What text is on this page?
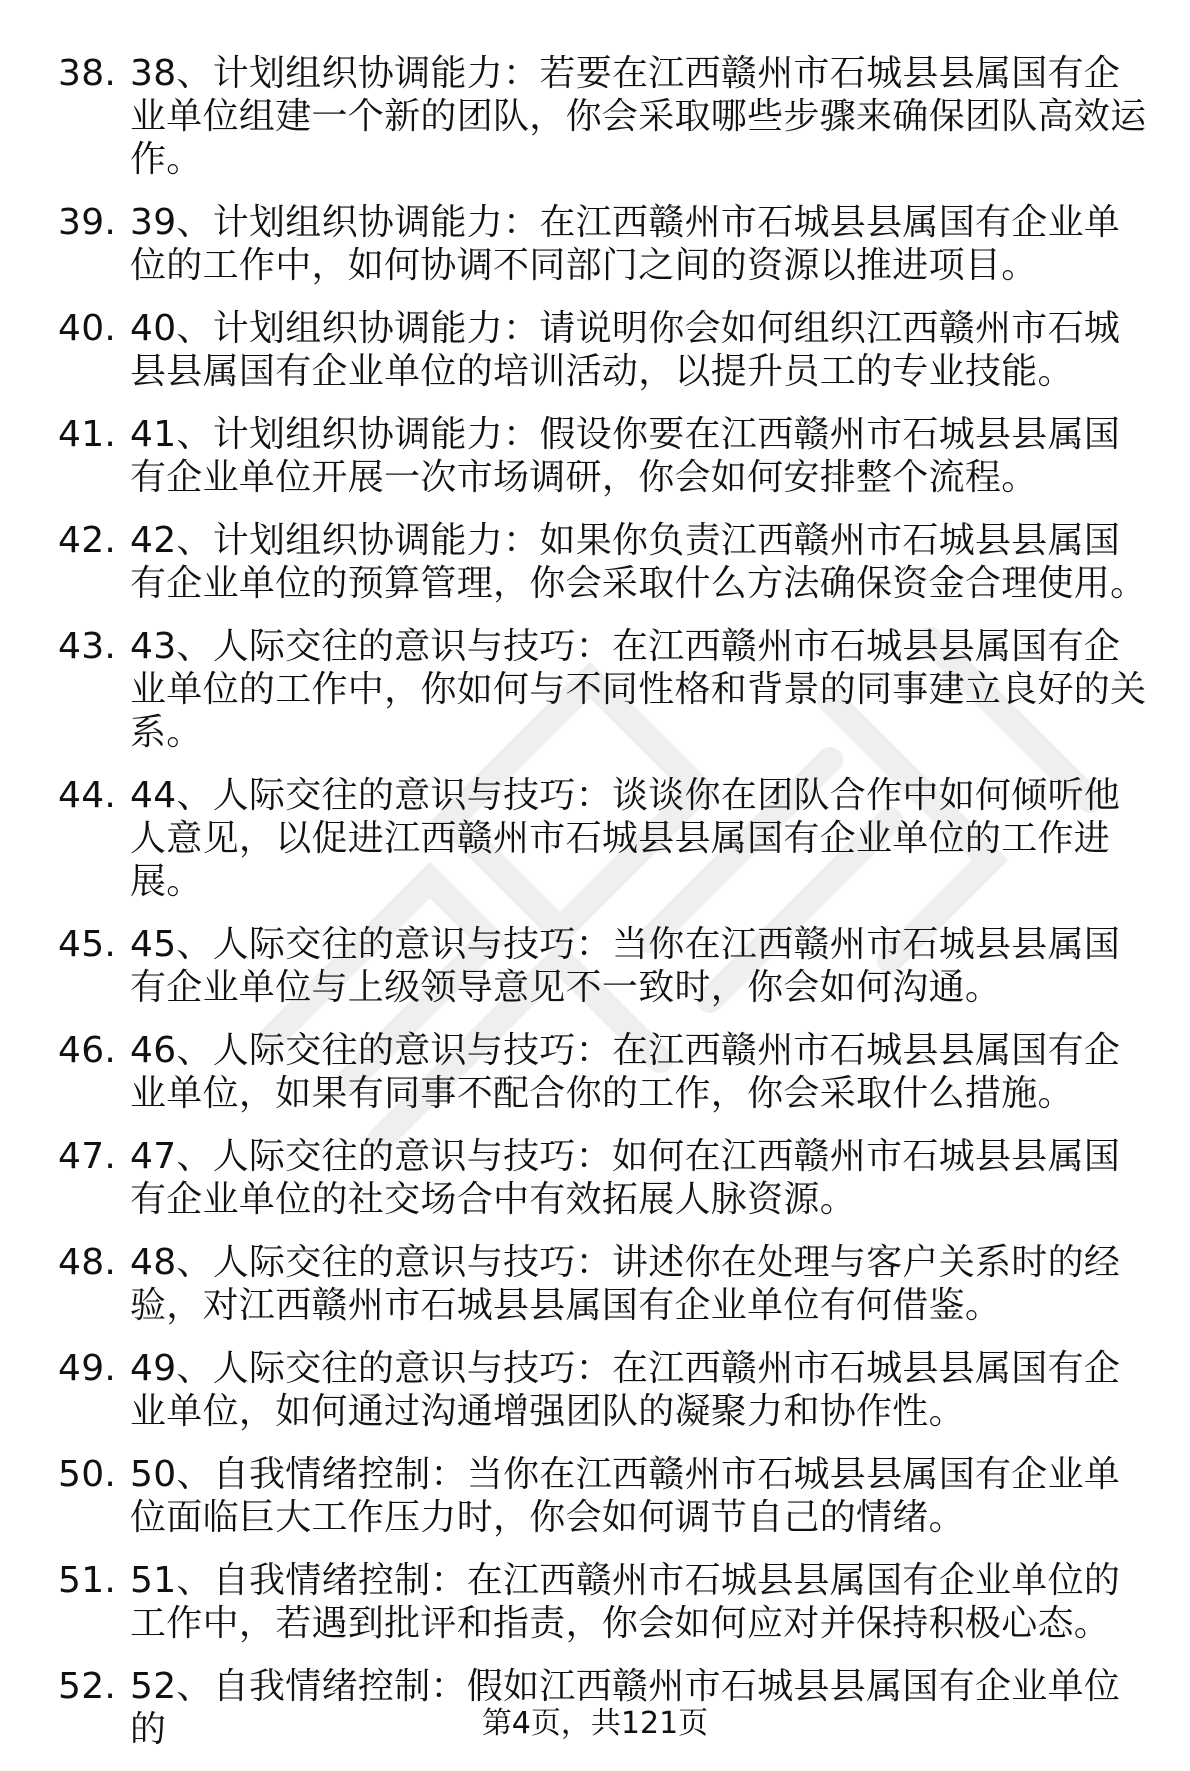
38. 38、计划组织协调能力：若要在江西赣州市石城县县属国有企业单位组建一个新的团队，你会采取哪些步骤来确保团队高效运作。
39. 39、计划组织协调能力：在江西赣州市石城县县属国有企业单位的工作中，如何协调不同部门之间的资源以推进项目。
40. 40、计划组织协调能力：请说明你会如何组织江西赣州市石城县县属国有企业单位的培训活动，以提升员工的专业技能。
41. 41、计划组织协调能力：假设你要在江西赣州市石城县县属国有企业单位开展一次市场调研，你会如何安排整个流程。
42. 42、计划组织协调能力：如果你负责江西赣州市石城县县属国有企业单位的预算管理，你会采取什么方法确保资金合理使用。
43. 43、人际交往的意识与技巧：在江西赣州市石城县县属国有企业单位的工作中，你如何与不同性格和背景的同事建立良好的关系。
44. 44、人际交往的意识与技巧：谈谈你在团队合作中如何倾听他人意见，以促进江西赣州市石城县县属国有企业单位的工作进展。
45. 45、人际交往的意识与技巧：当你在江西赣州市石城县县属国有企业单位与上级领导意见不一致时，你会如何沟通。
46. 46、人际交往的意识与技巧：在江西赣州市石城县县属国有企业单位，如果有同事不配合你的工作，你会采取什么措施。
47. 47、人际交往的意识与技巧：如何在江西赣州市石城县县属国有企业单位的社交场合中有效拓展人脉资源。
48. 48、人际交往的意识与技巧：讲述你在处理与客户关系时的经验，对江西赣州市石城县县属国有企业单位有何借鉴。
49. 49、人际交往的意识与技巧：在江西赣州市石城县县属国有企业单位，如何通过沟通增强团队的凝聚力和协作性。
50. 50、自我情绪控制：当你在江西赣州市石城县县属国有企业单位面临巨大工作压力时，你会如何调节自己的情绪。
51. 51、自我情绪控制：在江西赣州市石城县县属国有企业单位的工作中，若遇到批评和指责，你会如何应对并保持积极心态。
52. 52、自我情绪控制：假如江西赣州市石城县县属国有企业单位的	第4页，共121页
